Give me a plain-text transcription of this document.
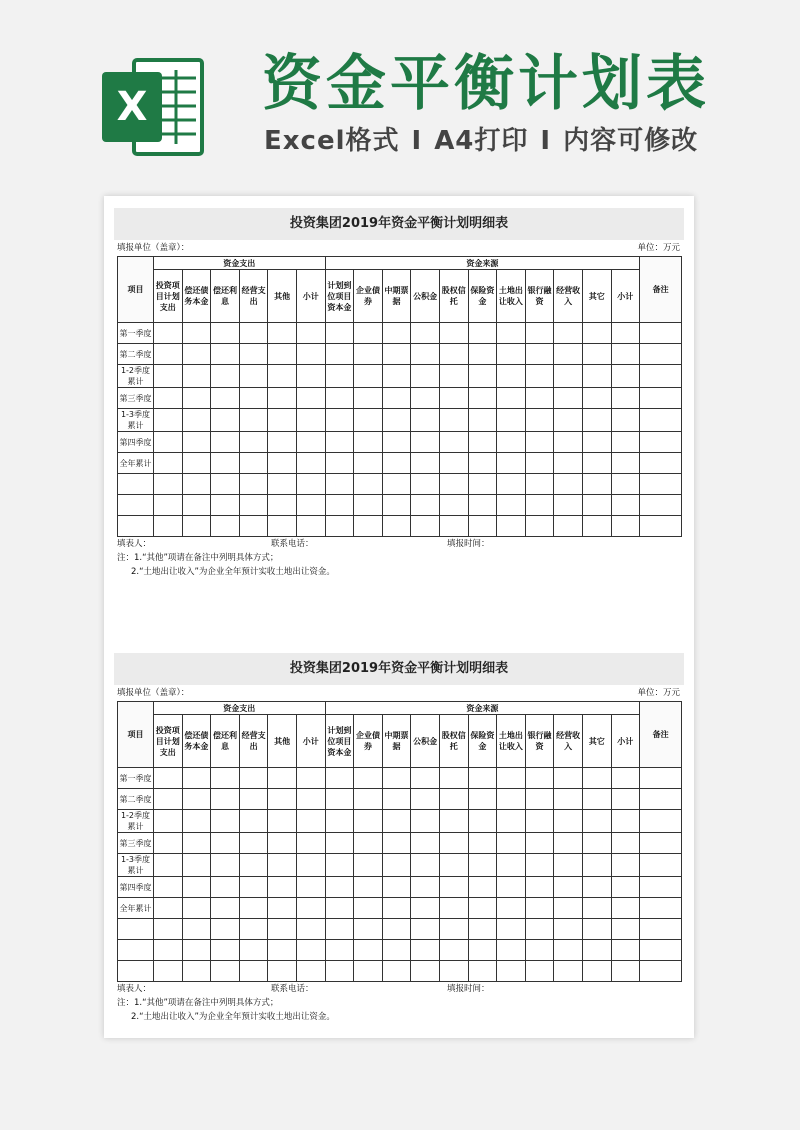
X 资金平衡计划表
Excel格式 I A4打印 I 内容可修改
投资集团2019年资金平衡计划明细表
填报单位（盖章）：	单位：万元
项目	资金支出						资金来源											备注
	投资项目计划支出	偿还债务本金	偿还利息	经营支出	其他	小计	计划到位项目资本金	企业债券	中期票据	公积金	股权信托	保险资金	土地出让收入	银行融资	经营收入	其它	小计	
第一季度																		
第二季度																		
1-2季度累计																		
第三季度																		
1-3季度累计																		
第四季度																		
全年累计																		

填表人：	联系电话：	填报时间：
注：1.“其他”项请在备注中列明具体方式；
2.“土地出让收入”为企业全年预计实收土地出让资金。
投资集团2019年资金平衡计划明细表
填报单位（盖章）：	单位：万元
项目	资金支出						资金来源											备注
	投资项目计划支出	偿还债务本金	偿还利息	经营支出	其他	小计	计划到位项目资本金	企业债券	中期票据	公积金	股权信托	保险资金	土地出让收入	银行融资	经营收入	其它	小计	
第一季度																		
第二季度																		
1-2季度累计																		
第三季度																		
1-3季度累计																		
第四季度																		
全年累计																		

填表人：	联系电话：	填报时间：
注：1.“其他”项请在备注中列明具体方式；
2.“土地出让收入”为企业全年预计实收土地出让资金。
